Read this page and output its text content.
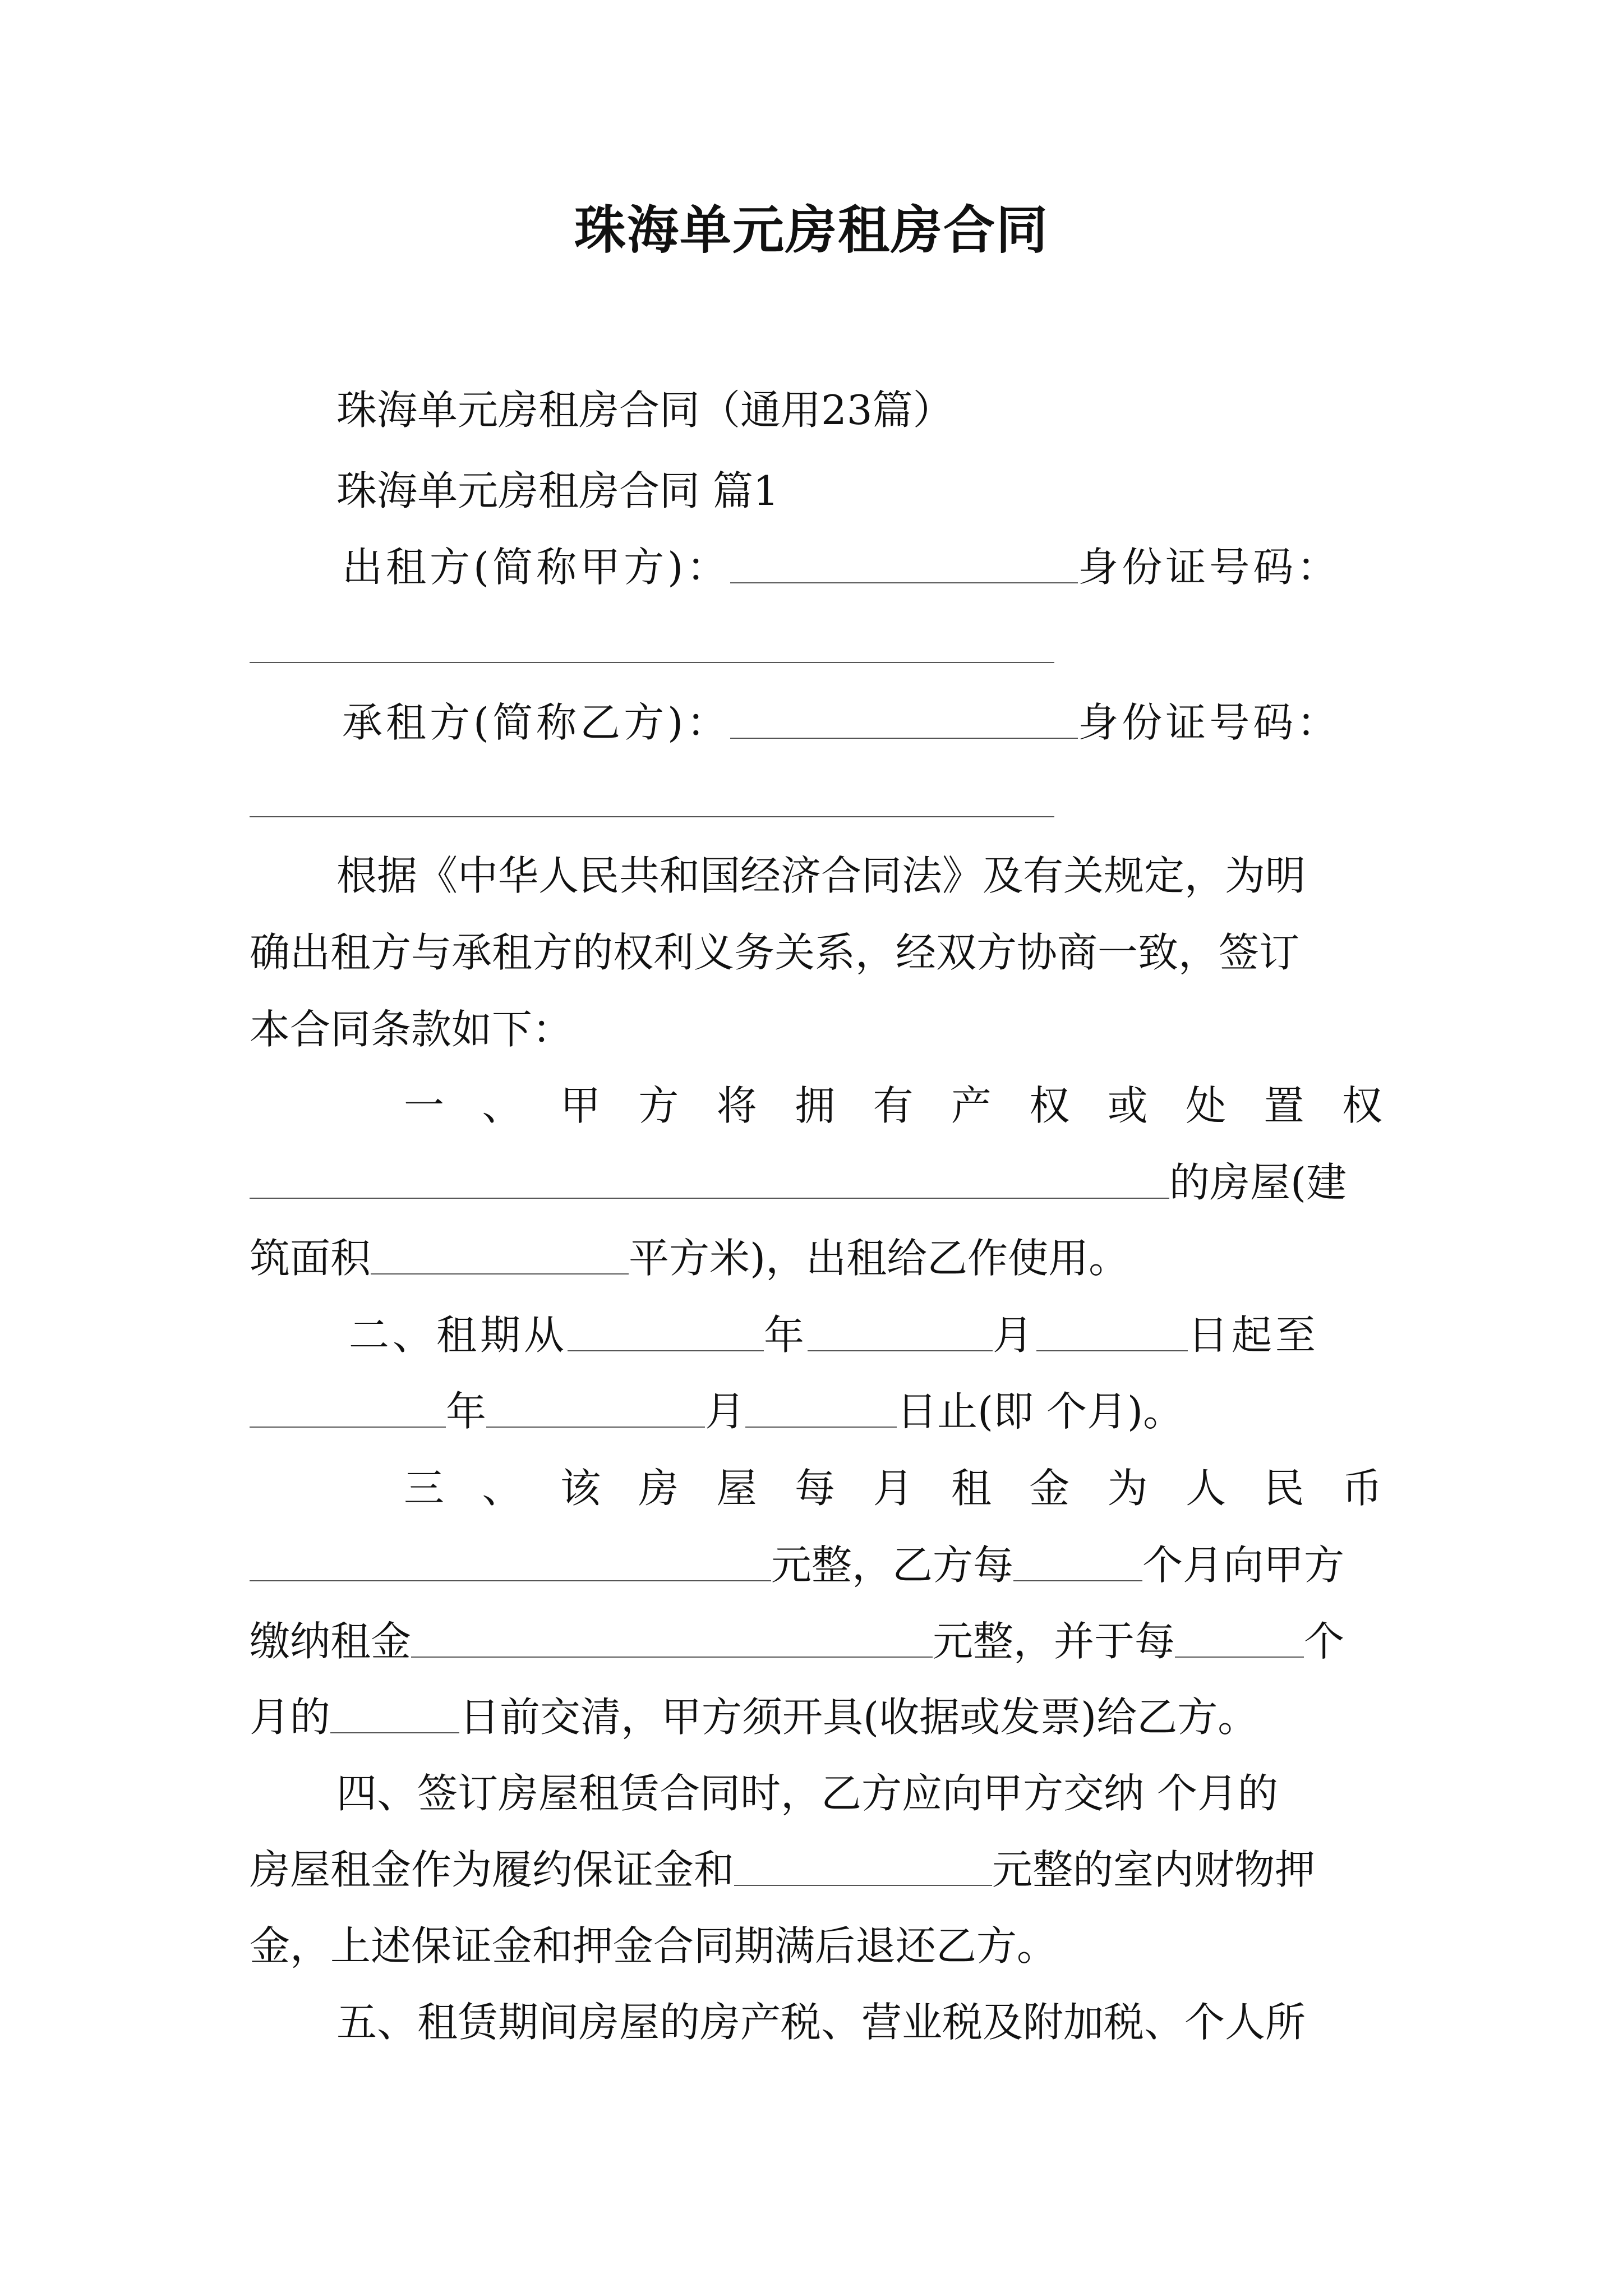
珠海单元房租房合同
珠海单元房租房合同（通用23篇）
珠海单元房租房合同 篇1
出租方(简称甲方)：	身份证号码：
承租方(简称乙方)：	身份证号码：
根据《中华人民共和国经济合同法》及有关规定，为明
确出租方与承租方的权利义务关系，经双方协商一致，签订
本合同条款如下：
一 、 甲 方 将 拥 有 产 权 或 处 置 权
的房屋(建
筑面积	平方米)，出租给乙作使用。
二、租期从	年	月	日起至
年	月	日止(即 个月)。
三 、 该 房 屋 每 月 租 金 为 人 民 币
元整，乙方每	个月向甲方
缴纳租金	元整，并于每	个
月的	日前交清，甲方须开具(收据或发票)给乙方。
四、签订房屋租赁合同时，乙方应向甲方交纳 个月的
房屋租金作为履约保证金和	元整的室内财物押
金，上述保证金和押金合同期满后退还乙方。
五、租赁期间房屋的房产税、营业税及附加税、个人所
